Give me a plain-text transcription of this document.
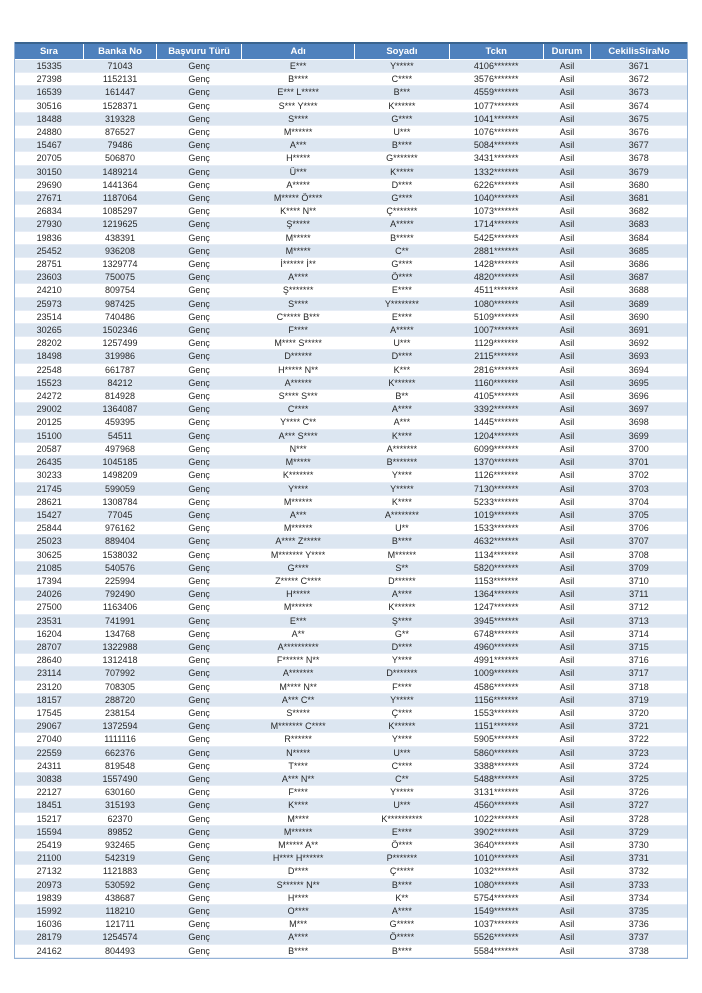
Sıra	Banka No	Başvuru Türü	Adı	Soyadı	Tckn	Durum	CekilisSiraNo
15335	71043	Genç	E***	Y*****	4106*******	Asil	3671
27398	1152131	Genç	B****	C****	3576*******	Asil	3672
16539	161447	Genç	E*** L*****	B***	4559*******	Asil	3673
30516	1528371	Genç	S*** Y****	K******	1077*******	Asil	3674
18488	319328	Genç	S****	G****	1041*******	Asil	3675
24880	876527	Genç	M******	U***	1076*******	Asil	3676
15467	79486	Genç	A***	B****	5084*******	Asil	3677
20705	506870	Genç	H*****	G*******	3431*******	Asil	3678
30150	1489214	Genç	Ü***	K*****	1332*******	Asil	3679
29690	1441364	Genç	A*****	D****	6226*******	Asil	3680
27671	1187064	Genç	M***** Ö****	G****	1040*******	Asil	3681
26834	1085297	Genç	K**** N**	Ç*******	1073*******	Asil	3682
27930	1219625	Genç	Ş*****	A*****	1714*******	Asil	3683
19836	438391	Genç	M*****	B*****	5425*******	Asil	3684
25452	936208	Genç	M*****	C**	2881*******	Asil	3685
28751	1329774	Genç	İ****** İ**	G****	1428*******	Asil	3686
23603	750075	Genç	A****	Ö****	4820*******	Asil	3687
24210	809754	Genç	Ş*******	E****	4511*******	Asil	3688
25973	987425	Genç	S****	Y********	1080*******	Asil	3689
23514	740486	Genç	C***** B***	E****	5109*******	Asil	3690
30265	1502346	Genç	F****	A*****	1007*******	Asil	3691
28202	1257499	Genç	M**** S*****	U***	1129*******	Asil	3692
18498	319986	Genç	D******	D****	2115*******	Asil	3693
22548	661787	Genç	H***** N**	K***	2816*******	Asil	3694
15523	84212	Genç	A******	K******	1160*******	Asil	3695
24272	814928	Genç	S**** S***	B**	4105*******	Asil	3696
29002	1364087	Genç	C****	A****	3392*******	Asil	3697
20125	459395	Genç	Y**** C**	A***	1445*******	Asil	3698
15100	54511	Genç	A*** S****	K****	1204*******	Asil	3699
20587	497968	Genç	N***	A*******	6099*******	Asil	3700
26435	1045185	Genç	M*****	B*******	1370*******	Asil	3701
30233	1498209	Genç	K*******	Y****	1126*******	Asil	3702
21745	599059	Genç	Y****	Y*****	7130*******	Asil	3703
28621	1308784	Genç	M******	K****	5233*******	Asil	3704
15427	77045	Genç	A***	A********	1019*******	Asil	3705
25844	976162	Genç	M******	U**	1533*******	Asil	3706
25023	889404	Genç	A**** Z*****	B****	4632*******	Asil	3707
30625	1538032	Genç	M******* Y****	M******	1134*******	Asil	3708
21085	540576	Genç	G****	S**	5820*******	Asil	3709
17394	225994	Genç	Z***** C****	D******	1153*******	Asil	3710
24026	792490	Genç	H*****	A****	1364*******	Asil	3711
27500	1163406	Genç	M******	K******	1247*******	Asil	3712
23531	741991	Genç	E***	Ş****	3945*******	Asil	3713
16204	134768	Genç	A**	G**	6748*******	Asil	3714
28707	1322988	Genç	A**********	D****	4960*******	Asil	3715
28640	1312418	Genç	F****** N**	Y****	4991*******	Asil	3716
23114	707992	Genç	A*******	D*******	1009*******	Asil	3717
23120	708305	Genç	M**** N**	F****	4586*******	Asil	3718
18157	288720	Genç	A*** C**	Y*****	1156*******	Asil	3719
17545	238154	Genç	S*****	Ç****	1553*******	Asil	3720
29067	1372594	Genç	M******* C****	K******	1151*******	Asil	3721
27040	1111116	Genç	R******	Y****	5905*******	Asil	3722
22559	662376	Genç	N*****	U***	5860*******	Asil	3723
24311	819548	Genç	T****	C****	3388*******	Asil	3724
30838	1557490	Genç	A*** N**	C**	5488*******	Asil	3725
22127	630160	Genç	F****	Y*****	3131*******	Asil	3726
18451	315193	Genç	K****	U***	4560*******	Asil	3727
15217	62370	Genç	M****	K**********	1022*******	Asil	3728
15594	89852	Genç	M******	E****	3902*******	Asil	3729
25419	932465	Genç	M***** A**	Ö****	3640*******	Asil	3730
21100	542319	Genç	H**** H******	P*******	1010*******	Asil	3731
27132	1121883	Genç	D****	Ç*****	1032*******	Asil	3732
20973	530592	Genç	S****** N**	B****	1080*******	Asil	3733
19839	438687	Genç	H****	K**	5754*******	Asil	3734
15992	118210	Genç	O****	A****	1549*******	Asil	3735
16036	121711	Genç	M***	G*****	1037*******	Asil	3736
28179	1254574	Genç	A****	Ö*****	5526*******	Asil	3737
24162	804493	Genç	B****	B****	5584*******	Asil	3738
